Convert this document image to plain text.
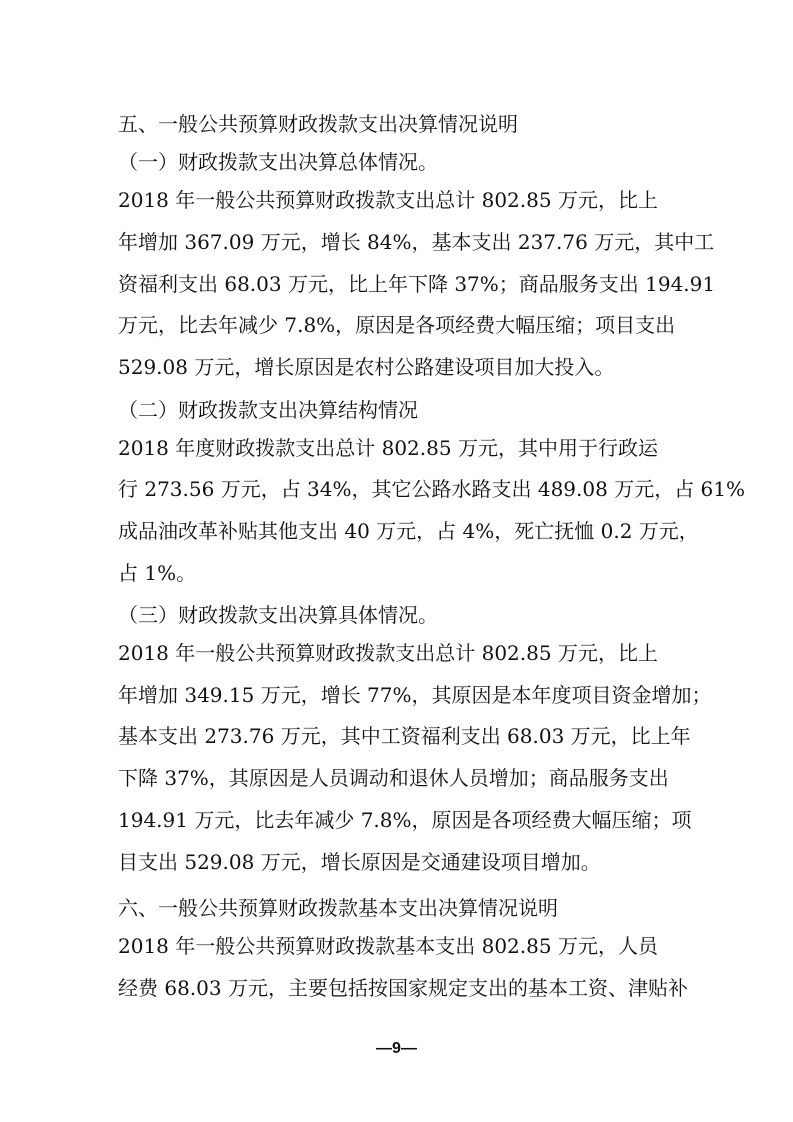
五、一般公共预算财政拨款支出决算情况说明
（一）财政拨款支出决算总体情况。
2018 年一般公共预算财政拨款支出总计 802.85 万元，比上
年增加 367.09 万元，增长 84%，基本支出 237.76 万元，其中工
资福利支出 68.03 万元，比上年下降 37%；商品服务支出 194.91
万元，比去年减少 7.8%，原因是各项经费大幅压缩；项目支出
529.08 万元，增长原因是农村公路建设项目加大投入。
（二）财政拨款支出决算结构情况
2018 年度财政拨款支出总计 802.85 万元，其中用于行政运
行 273.56 万元，占 34%，其它公路水路支出 489.08 万元，占 61%
成品油改革补贴其他支出 40 万元，占 4%，死亡抚恤 0.2 万元，
占 1%。
（三）财政拨款支出决算具体情况。
2018 年一般公共预算财政拨款支出总计 802.85 万元，比上
年增加 349.15 万元，增长 77%，其原因是本年度项目资金增加；
基本支出 273.76 万元，其中工资福利支出 68.03 万元，比上年
下降 37%，其原因是人员调动和退休人员增加；商品服务支出
194.91 万元，比去年减少 7.8%，原因是各项经费大幅压缩；项
目支出 529.08 万元，增长原因是交通建设项目增加。
六、一般公共预算财政拨款基本支出决算情况说明
2018 年一般公共预算财政拨款基本支出 802.85 万元，人员
经费 68.03 万元，主要包括按国家规定支出的基本工资、津贴补
—9—
